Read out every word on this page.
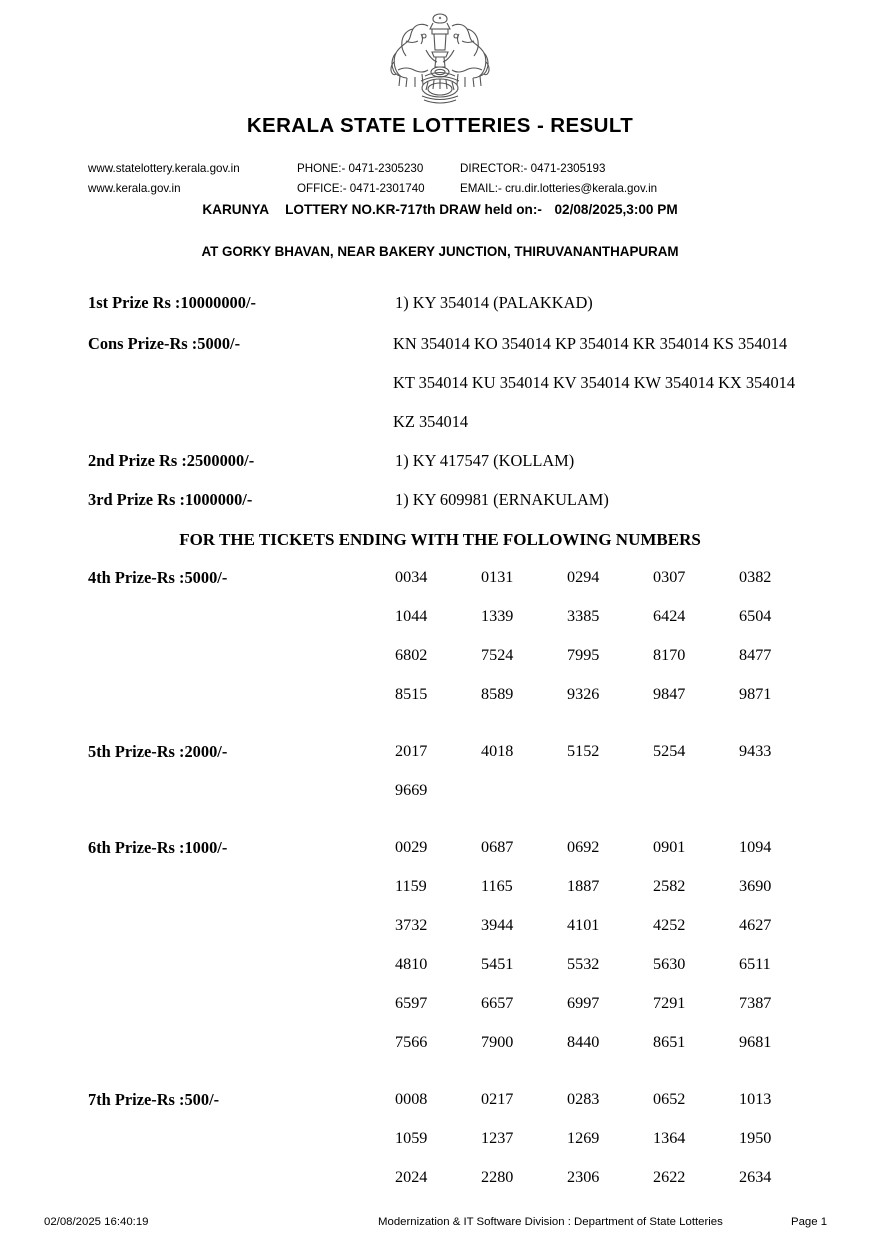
KERALA STATE LOTTERIES - RESULT
www.statelottery.kerala.gov.in	PHONE:- 0471-2305230	DIRECTOR:- 0471-2305193
www.kerala.gov.in	OFFICE:- 0471-2301740	EMAIL:- cru.dir.lotteries@kerala.gov.in
KARUNYA LOTTERY NO.KR-717th DRAW held on:- 02/08/2025,3:00 PM
AT GORKY BHAVAN, NEAR BAKERY JUNCTION, THIRUVANANTHAPURAM
1st Prize Rs :10000000/-	1) KY 354014 (PALAKKAD)
Cons Prize-Rs :5000/-	KN 354014 KO 354014 KP 354014 KR 354014 KS 354014
KT 354014 KU 354014 KV 354014 KW 354014 KX 354014
KZ 354014
2nd Prize Rs :2500000/-	1) KY 417547 (KOLLAM)
3rd Prize Rs :1000000/-	1) KY 609981 (ERNAKULAM)
FOR THE TICKETS ENDING WITH THE FOLLOWING NUMBERS
4th Prize-Rs :5000/-	0034	0131	0294	0307	0382
1044	1339	3385	6424	6504
6802	7524	7995	8170	8477
8515	8589	9326	9847	9871
5th Prize-Rs :2000/-	2017	4018	5152	5254	9433
9669
6th Prize-Rs :1000/-	0029	0687	0692	0901	1094
1159	1165	1887	2582	3690
3732	3944	4101	4252	4627
4810	5451	5532	5630	6511
6597	6657	6997	7291	7387
7566	7900	8440	8651	9681
7th Prize-Rs :500/-	0008	0217	0283	0652	1013
1059	1237	1269	1364	1950
2024	2280	2306	2622	2634
02/08/2025 16:40:19	Modernization & IT Software Division : Department of State Lotteries	Page 1
